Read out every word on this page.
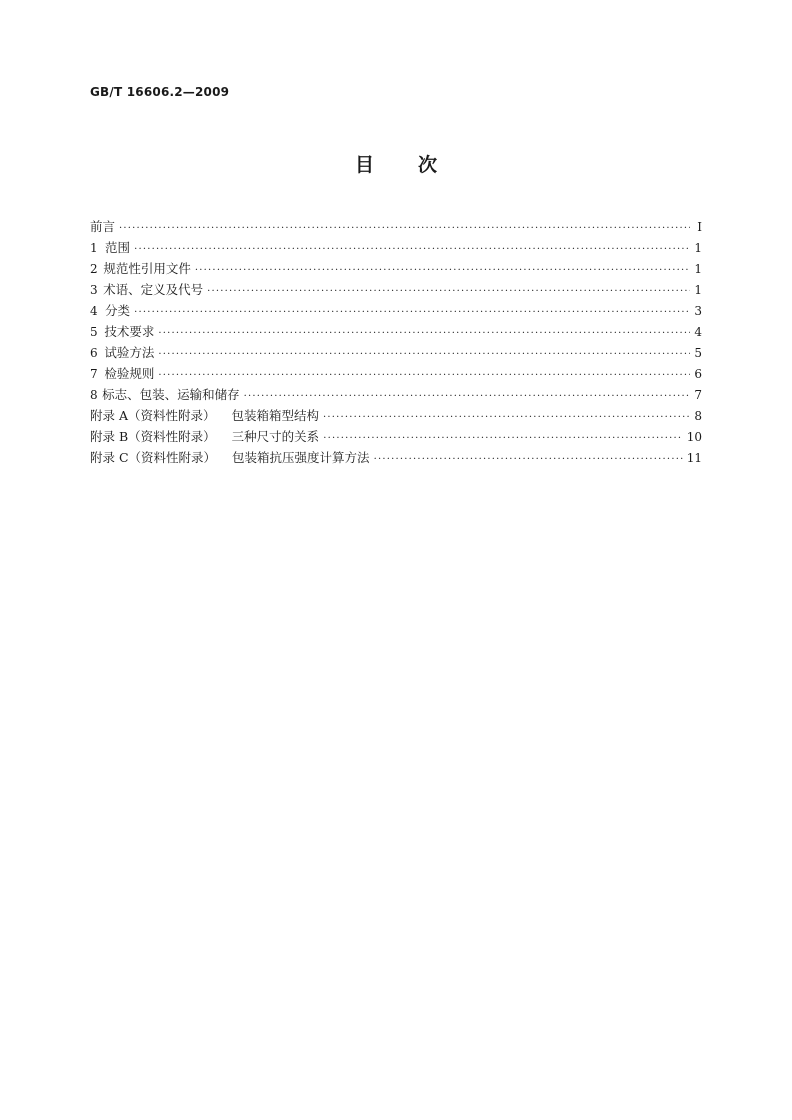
GB/T 16606.2—2009
目 次
前言 ·····	Ⅰ
1 范围 ·····	1
2 规范性引用文件 ·····	1
3 术语、定义及代号 ·····	1
4 分类 ·····	3
5 技术要求 ·····	4
6 试验方法 ·····	5
7 检验规则 ·····	6
8 标志、包装、运输和储存 ·····	7
附录 A（资料性附录） 包装箱箱型结构 ·····	8
附录 B（资料性附录） 三种尺寸的关系 ·····	10
附录 C（资料性附录） 包装箱抗压强度计算方法 ·····	11
